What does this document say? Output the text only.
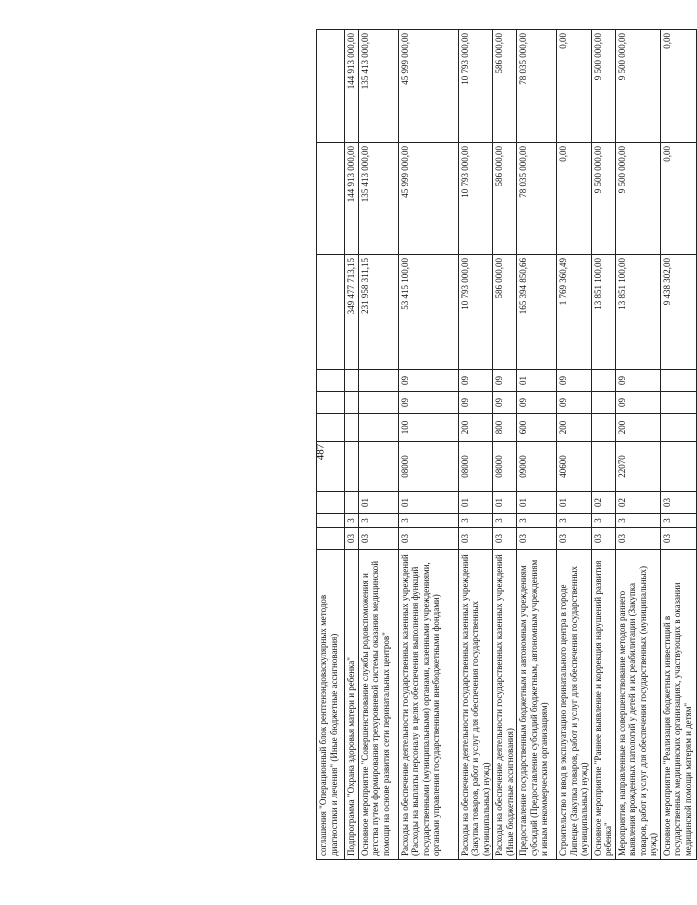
487
соглашения "Операционный блок рентгенэндоваскулярных методов диагностики и лечения" (Иные бюджетные ассигнования)										
Подпрограмма "Охрана здоровья матери и ребенка"	03	3						349 477 713,15	144 913 000,00	144 913 000,00
Основное мероприятие "Совершенствование службы родовспоможения и детства путем формирования трехуровневой системы оказания медицинской помощи на основе развития сети перинатальных центров"	03	3	01					231 958 311,15	135 413 000,00	135 413 000,00
Расходы на обеспечение деятельности государственных казенных учреждений (Расходы на выплаты персоналу в целях обеспечения выполнения функций государственными (муниципальными) органами, казенными учреждениями, органами управления государственными внебюджетными фондами)	03	3	01	08000	100	09	09	53 415 100,00	45 999 000,00	45 999 000,00
Расходы на обеспечение деятельности государственных казенных учреждений (Закупка товаров, работ и услуг для обеспечения государственных (муниципальных) нужд)	03	3	01	08000	200	09	09	10 793 000,00	10 793 000,00	10 793 000,00
Расходы на обеспечение деятельности государственных казенных учреждений (Иные бюджетные ассигнования)	03	3	01	08000	800	09	09	586 000,00	586 000,00	586 000,00
Предоставление государственным бюджетным и автономным учреждениям субсидий (Предоставление субсидий бюджетным, автономным учреждениям и иным некоммерческим организациям)	03	3	01	09000	600	09	01	165 394 850,66	78 035 000,00	78 035 000,00
Строительство и ввод в эксплуатацию перинатального центра в городе Липецке (Закупка товаров, работ и услуг для обеспечения государственных (муниципальных) нужд)	03	3	01	40600	200	09	09	1 769 360,49	0,00	0,00
Основное мероприятие "Раннее выявление и коррекция нарушений развития ребенка"	03	3	02					13 851 100,00	9 500 000,00	9 500 000,00
Мероприятия, направленные на совершенствование методов раннего выявления врожденных патологий у детей и их реабилитации (Закупка товаров, работ и услуг для обеспечения государственных (муниципальных) нужд)	03	3	02	22070	200	09	09	13 851 100,00	9 500 000,00	9 500 000,00
Основное мероприятие "Реализация бюджетных инвестиций в государственных медицинских организациях, участвующих в оказании медицинской помощи матерям и детям"	03	3	03					9 438 302,00	0,00	0,00
